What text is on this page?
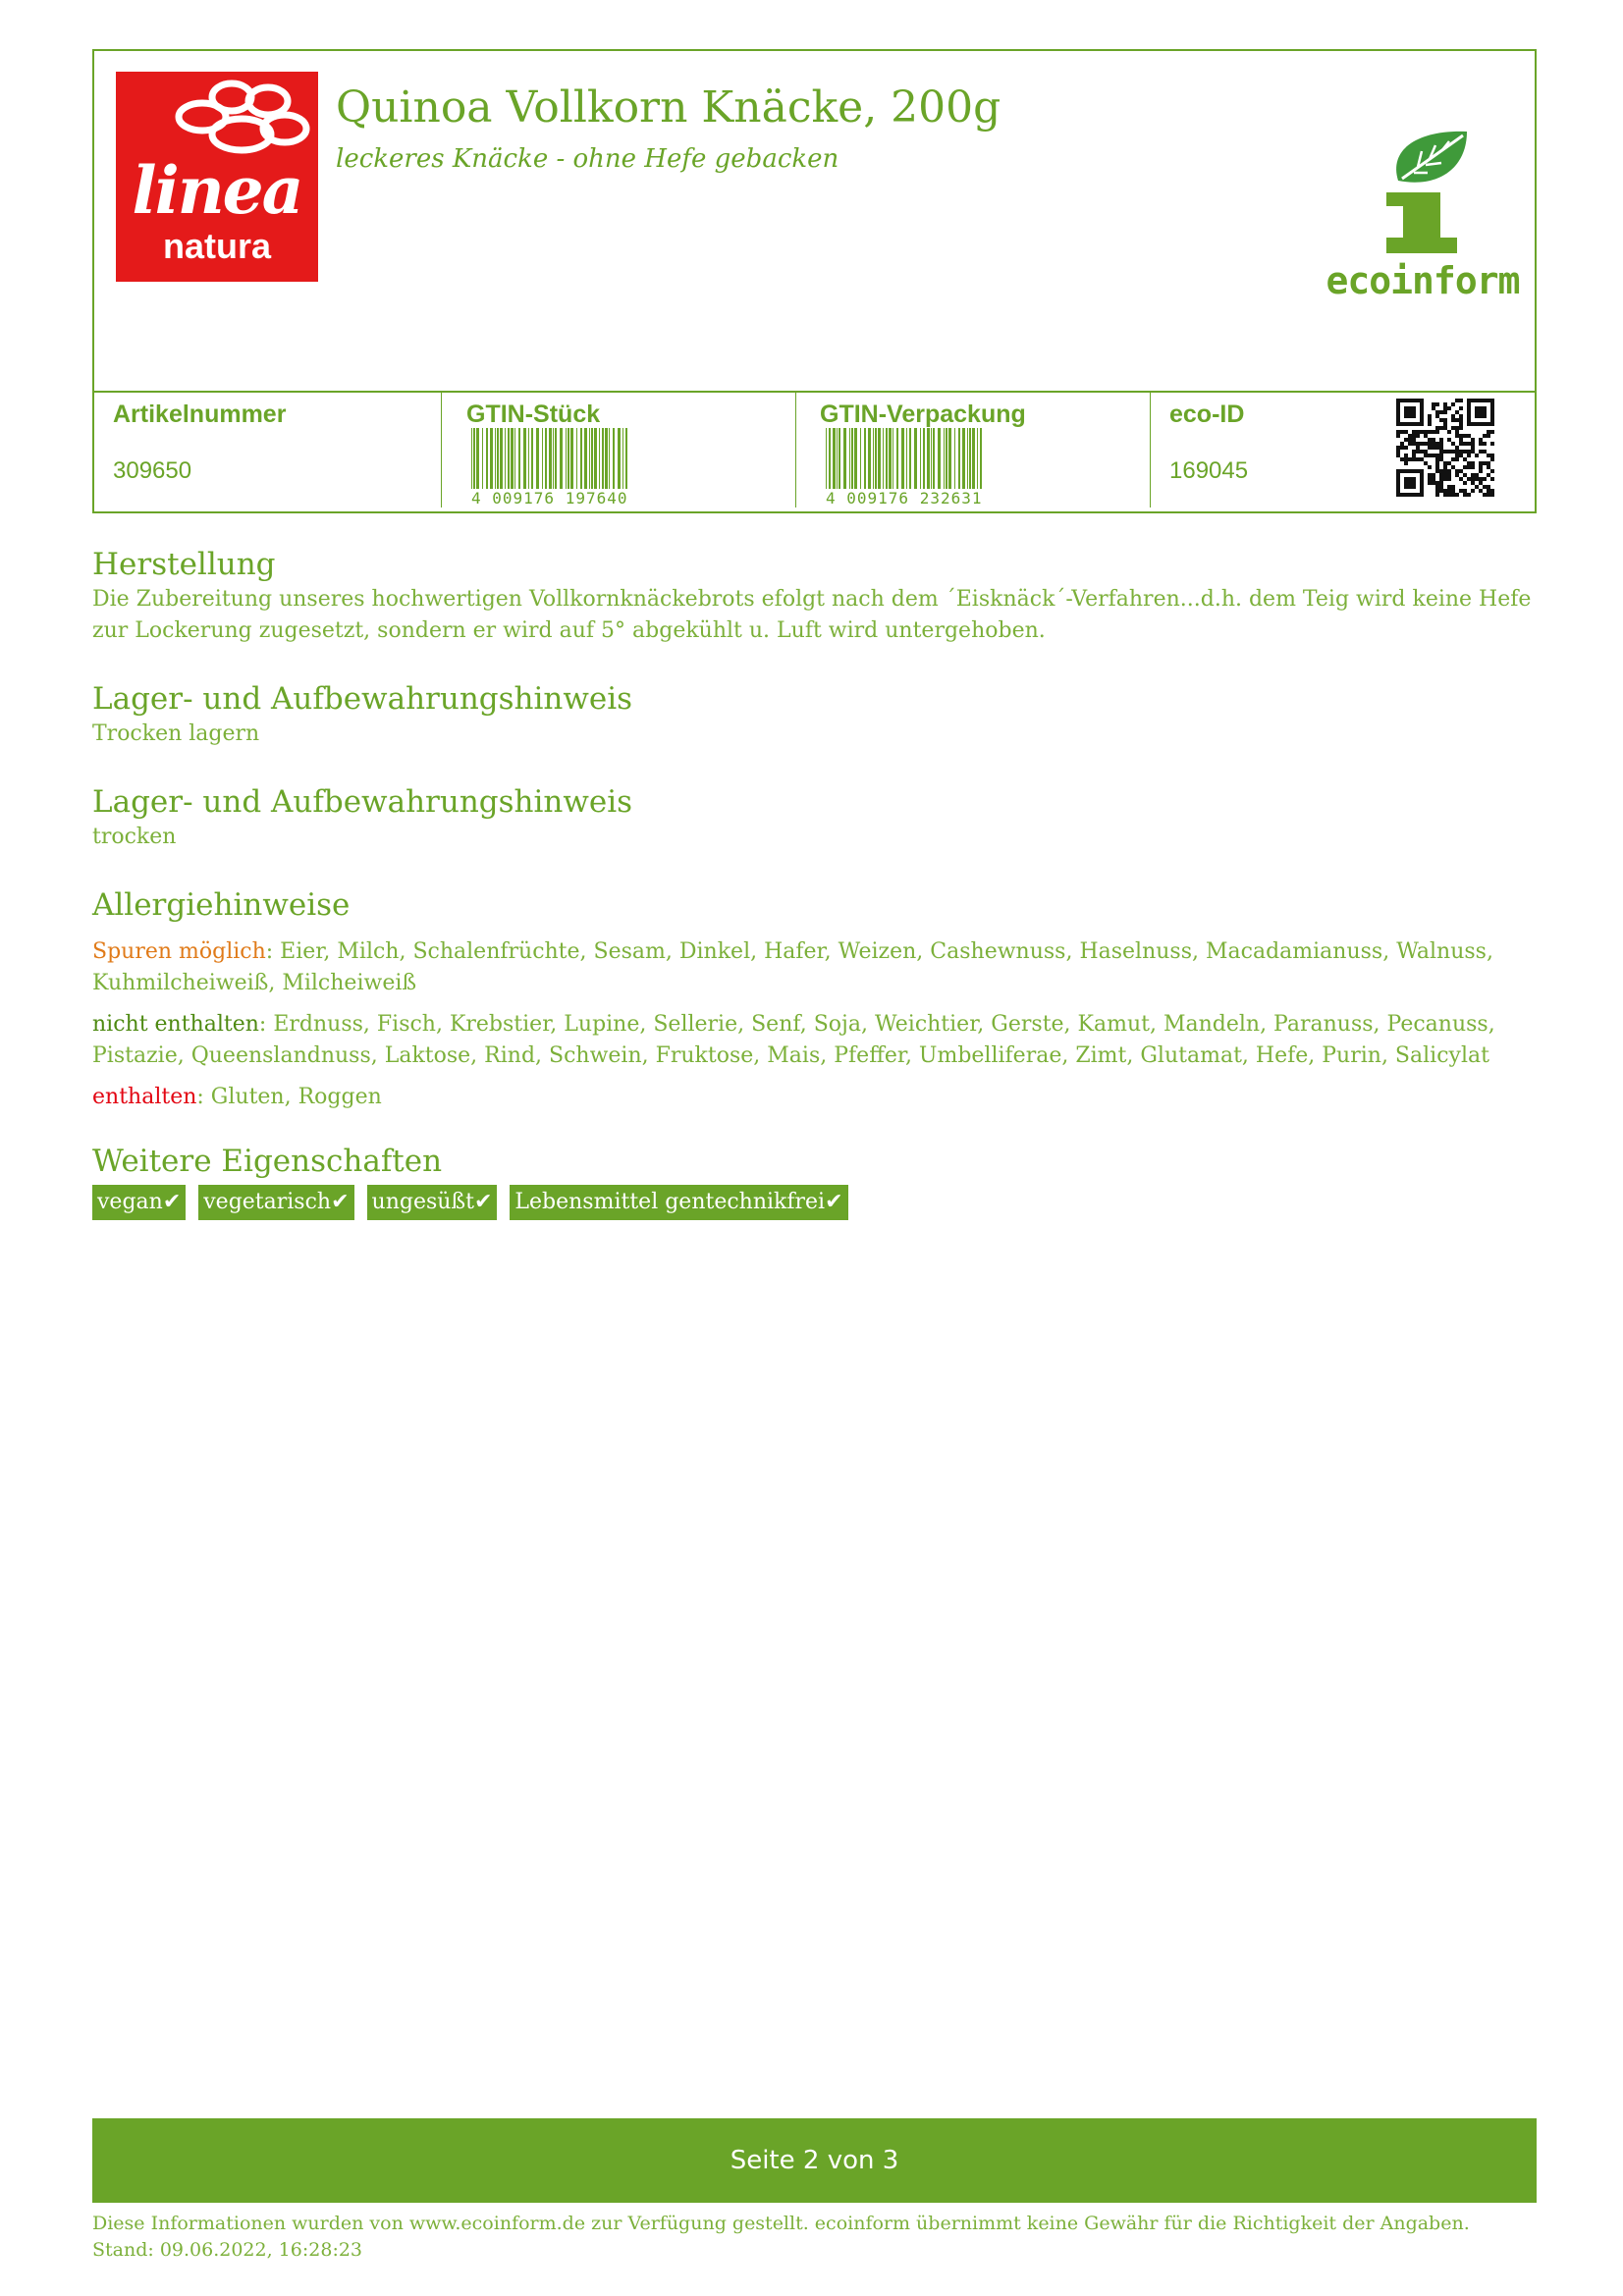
linea
natura
Quinoa Vollkorn Knäcke, 200g
leckeres Knäcke - ohne Hefe gebacken
ecoinform
Artikelnummer
309650
GTIN-Stück
4 009176 197640
GTIN-Verpackung
4 009176 232631
eco-ID
169045
Herstellung

Die Zubereitung unseres hochwertigen Vollkornknäckebrots efolgt nach dem ´Eisknäck´-Verfahren...d.h. dem Teig wird keine Hefe zur Lockerung zugesetzt, sondern er wird auf 5° abgekühlt u. Luft wird untergehoben.

Lager- und Aufbewahrungshinweis

Trocken lagern

Lager- und Aufbewahrungshinweis

trocken

Allergiehinweise
Spuren möglich: Eier, Milch, Schalenfrüchte, Sesam, Dinkel, Hafer, Weizen, Cashewnuss, Haselnuss, Macadamianuss, Walnuss, Kuhmilcheiweiß, Milcheiweiß
nicht enthalten: Erdnuss, Fisch, Krebstier, Lupine, Sellerie, Senf, Soja, Weichtier, Gerste, Kamut, Mandeln, Paranuss, Pecanuss, Pistazie, Queenslandnuss, Laktose, Rind, Schwein, Fruktose, Mais, Pfeffer, Umbelliferae, Zimt, Glutamat, Hefe, Purin, Salicylat
enthalten: Gluten, Roggen
Weitere Eigenschaften
vegan✔ vegetarisch✔ ungesüßt✔ Lebensmittel gentechnikfrei✔
Seite 2 von 3
Diese Informationen wurden von www.ecoinform.de zur Verfügung gestellt. ecoinform übernimmt keine Gewähr für die Richtigkeit der Angaben.
Stand: 09.06.2022, 16:28:23
